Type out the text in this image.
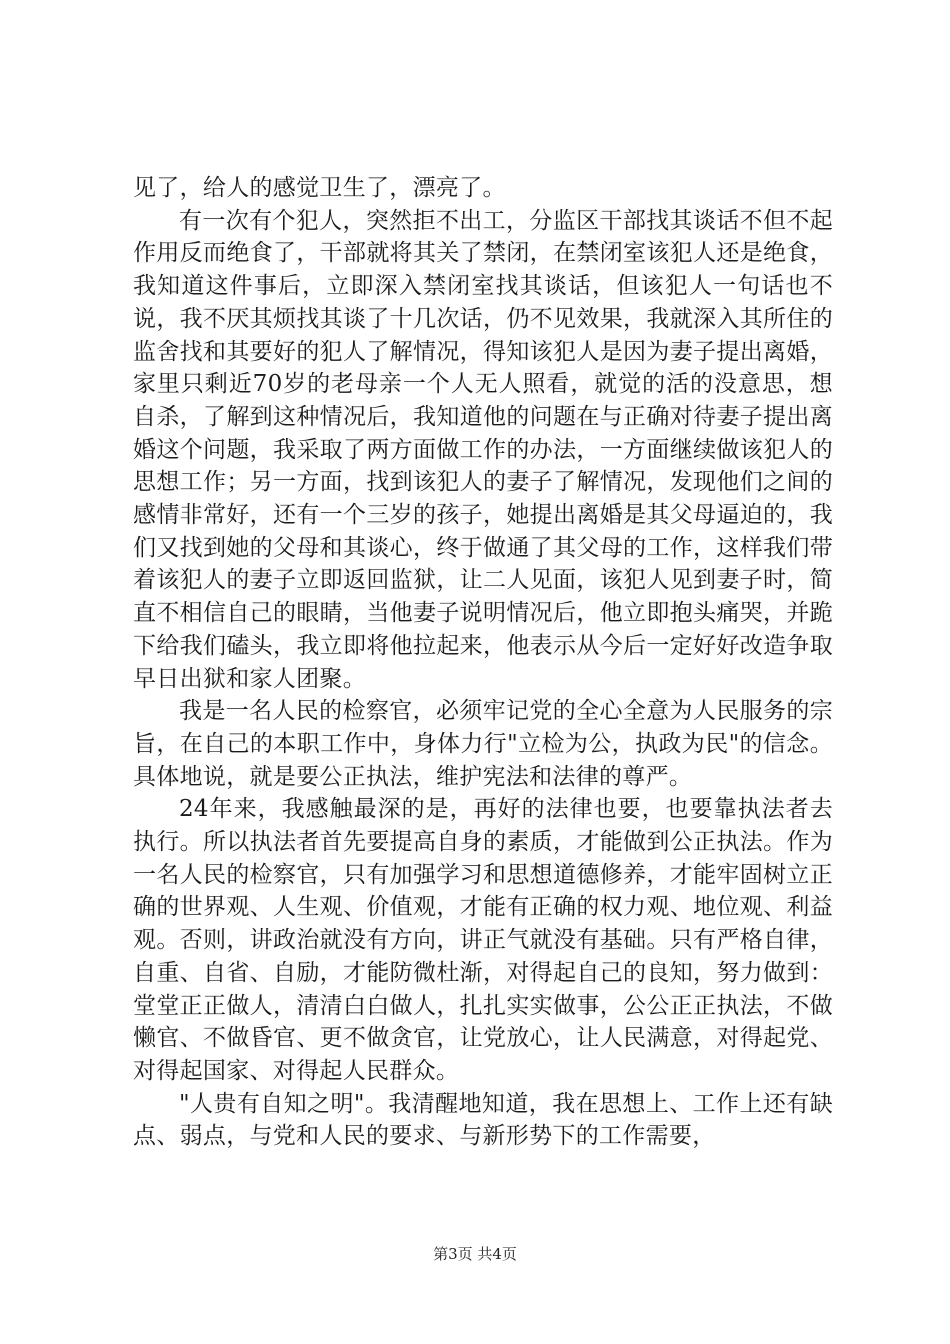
见了，给人的感觉卫生了，漂亮了。

有一次有个犯人，突然拒不出工，分监区干部找其谈话不但不起作用反而绝食了，干部就将其关了禁闭，在禁闭室该犯人还是绝食，我知道这件事后，立即深入禁闭室找其谈话，但该犯人一句话也不说，我不厌其烦找其谈了十几次话，仍不见效果，我就深入其所住的监舍找和其要好的犯人了解情况，得知该犯人是因为妻子提出离婚，家里只剩近70岁的老母亲一个人无人照看，就觉的活的没意思，想自杀，了解到这种情况后，我知道他的问题在与正确对待妻子提出离婚这个问题，我采取了两方面做工作的办法，一方面继续做该犯人的思想工作；另一方面，找到该犯人的妻子了解情况，发现他们之间的感情非常好，还有一个三岁的孩子，她提出离婚是其父母逼迫的，我们又找到她的父母和其谈心，终于做通了其父母的工作，这样我们带着该犯人的妻子立即返回监狱，让二人见面，该犯人见到妻子时，简直不相信自己的眼睛，当他妻子说明情况后，他立即抱头痛哭，并跪下给我们磕头，我立即将他拉起来，他表示从今后一定好好改造争取早日出狱和家人团聚。

我是一名人民的检察官，必须牢记党的全心全意为人民服务的宗旨，在自己的本职工作中，身体力行"立检为公，执政为民"的信念。具体地说，就是要公正执法，维护宪法和法律的尊严。

24年来，我感触最深的是，再好的法律也要，也要靠执法者去执行。所以执法者首先要提高自身的素质，才能做到公正执法。作为一名人民的检察官，只有加强学习和思想道德修养，才能牢固树立正确的世界观、人生观、价值观，才能有正确的权力观、地位观、利益观。否则，讲政治就没有方向，讲正气就没有基础。只有严格自律，自重、自省、自励，才能防微杜渐，对得起自己的良知，努力做到：堂堂正正做人，清清白白做人，扎扎实实做事，公公正正执法，不做懒官、不做昏官、更不做贪官，让党放心，让人民满意，对得起党、对得起国家、对得起人民群众。

"人贵有自知之明"。我清醒地知道，我在思想上、工作上还有缺点、弱点，与党和人民的要求、与新形势下的工作需要，

第3页 共4页
